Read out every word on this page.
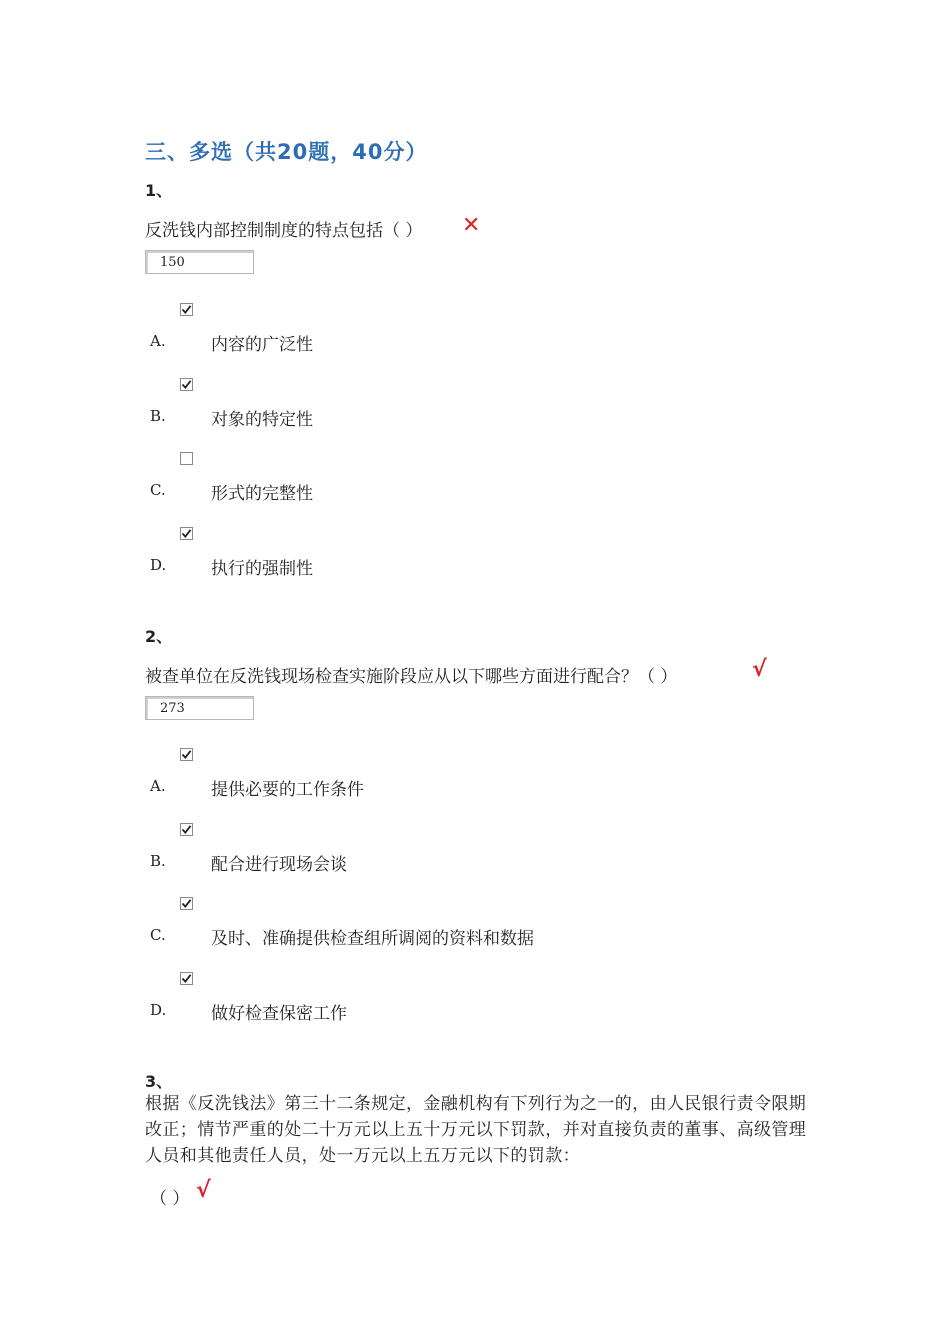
三、多选（共20题，40分）
1、
反洗钱内部控制制度的特点包括（ ） ✕
150
2、
被查单位在反洗钱现场检查实施阶段应从以下哪些方面进行配合？（ ）	√
273
3、
根据《反洗钱法》第三十二条规定，金融机构有下列行为之一的，由人民银行责令限期改正；情节严重的处二十万元以上五十万元以下罚款，并对直接负责的董事、高级管理人员和其他责任人员，处一万元以上五万元以下的罚款：
（ ） √
A.	内容的广泛性
B.	对象的特定性
C.	形式的完整性
D.	执行的强制性
A.	提供必要的工作条件
B.	配合进行现场会谈
C.	及时、准确提供检查组所调阅的资料和数据
D.	做好检查保密工作
